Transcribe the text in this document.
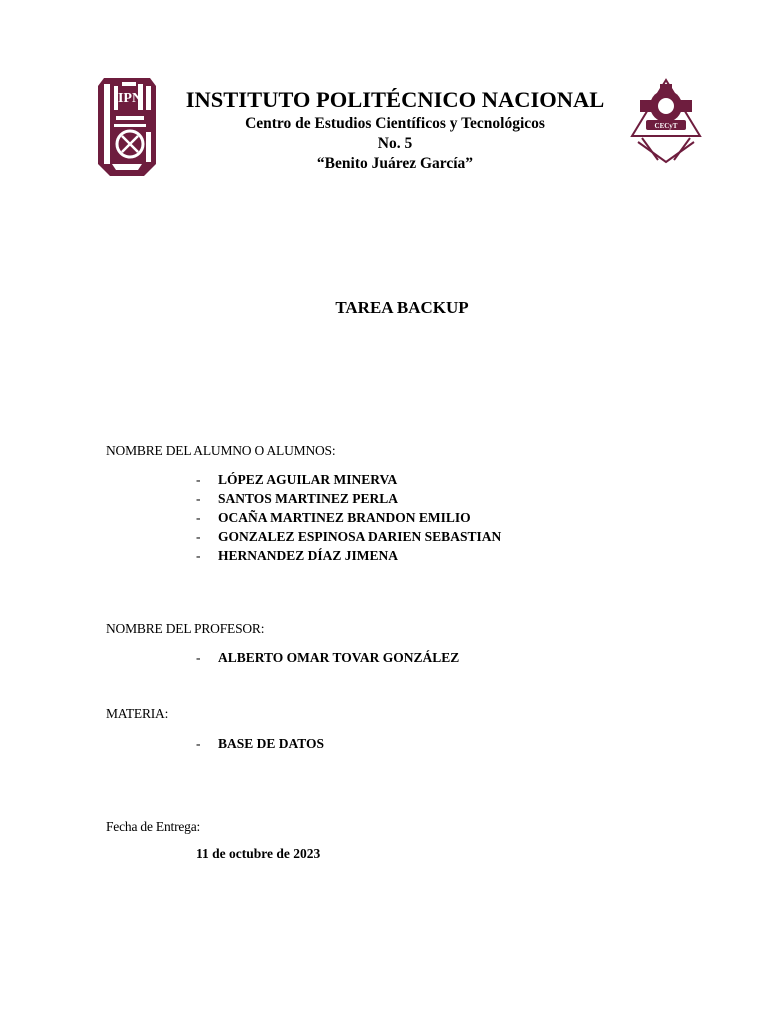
IPN INSTITUTO POLITÉCNICO NACIONAL
Centro de Estudios Científicos y Tecnológicos
No. 5
“Benito Juárez García”
CECyT
TAREA BACKUP
NOMBRE DEL ALUMNO O ALUMNOS:
-	LÓPEZ AGUILAR MINERVA
-	SANTOS MARTINEZ PERLA
-	OCAÑA MARTINEZ BRANDON EMILIO
-	GONZALEZ ESPINOSA DARIEN SEBASTIAN
-	HERNANDEZ DÍAZ JIMENA
NOMBRE DEL PROFESOR:
-	ALBERTO OMAR TOVAR GONZÁLEZ
MATERIA:
-	BASE DE DATOS
Fecha de Entrega:
11 de octubre de 2023
